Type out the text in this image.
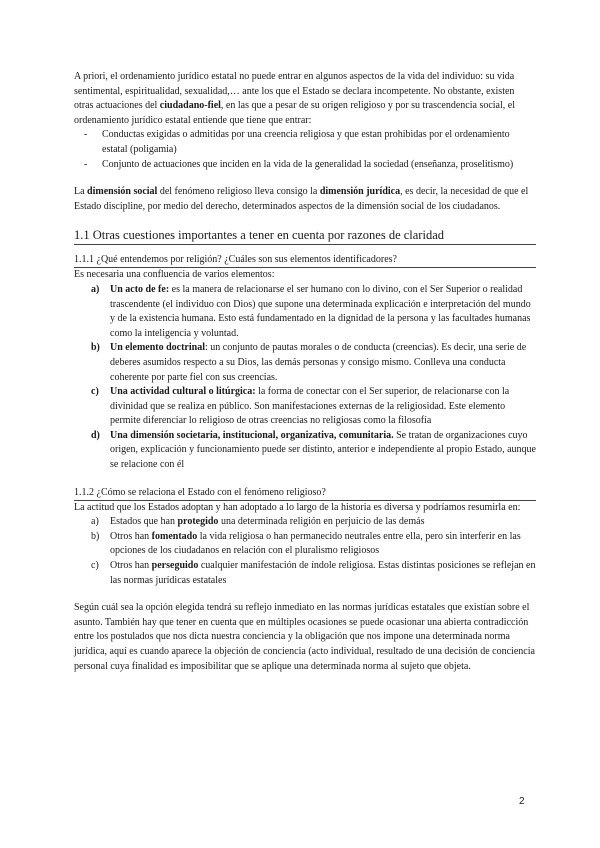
A priori, el ordenamiento jurídico estatal no puede entrar en algunos aspectos de la vida del individuo: su vida sentimental, espiritualidad, sexualidad,… ante los que el Estado se declara incompetente. No obstante, existen otras actuaciones del ciudadano-fiel, en las que a pesar de su origen religioso y por su trascendencia social, el ordenamiento jurídico estatal entiende que tiene que entrar:

- Conductas exigidas o admitidas por una creencia religiosa y que estan prohibidas por el ordenamiento estatal (poligamia)
- Conjunto de actuaciones que inciden en la vida de la generalidad la sociedad (enseñanza, proselitismo)

La dimensión social del fenómeno religioso lleva consigo la dimensión jurídica, es decir, la necesidad de que el Estado discipline, por medio del derecho, determinados aspectos de la dimensión social de los ciudadanos.

1.1 Otras cuestiones importantes a tener en cuenta por razones de claridad
1.1.1 ¿Qué entendemos por religión? ¿Cuáles son sus elementos identificadores?

Es necesaria una confluencia de varios elementos:

a) Un acto de fe: es la manera de relacionarse el ser humano con lo divino, con el Ser Superior o realidad trascendente (el individuo con Dios) que supone una determinada explicación e interpretación del mundo y de la existencia humana. Esto está fundamentado en la dignidad de la persona y las facultades humanas como la inteligencia y voluntad.
b) Un elemento doctrinal: un conjunto de pautas morales o de conducta (creencias). Es decir, una serie de deberes asumidos respecto a su Dios, las demás personas y consigo mismo. Conlleva una conducta coherente por parte fiel con sus creencias.
c) Una actividad cultural o litúrgica: la forma de conectar con el Ser superior, de relacionarse con la divinidad que se realiza en público. Son manifestaciones externas de la religiosidad. Este elemento permite diferenciar lo religioso de otras creencias no religiosas como la filosofía
d) Una dimensión societaria, institucional, organizativa, comunitaria. Se tratan de organizaciones cuyo origen, explicación y funcionamiento puede ser distinto, anterior e independiente al propio Estado, aunque se relacione con él
1.1.2 ¿Cómo se relaciona el Estado con el fenómeno religioso?

La actitud que los Estados adoptan y han adoptado a lo largo de la historia es diversa y podríamos resumirla en:

a) Estados que han protegido una determinada religión en perjuicio de las demás
b) Otros han fomentado la vida religiosa o han permanecido neutrales entre ella, pero sin interferir en las opciones de los ciudadanos en relación con el pluralismo religiosos
c) Otros han perseguido cualquier manifestación de índole religiosa. Estas distintas posiciones se reflejan en las normas jurídicas estatales

Según cuál sea la opción elegida tendrá su reflejo inmediato en las normas jurídicas estatales que existían sobre el asunto. También hay que tener en cuenta que en múltiples ocasiones se puede ocasionar una abierta contradicción entre los postulados que nos dicta nuestra conciencia y la obligación que nos impone una determinada norma jurídica, aquí es cuando aparece la objeción de conciencia (acto individual, resultado de una decisión de conciencia personal cuya finalidad es imposibilitar que se aplique una determinada norma al sujeto que objeta.

2
